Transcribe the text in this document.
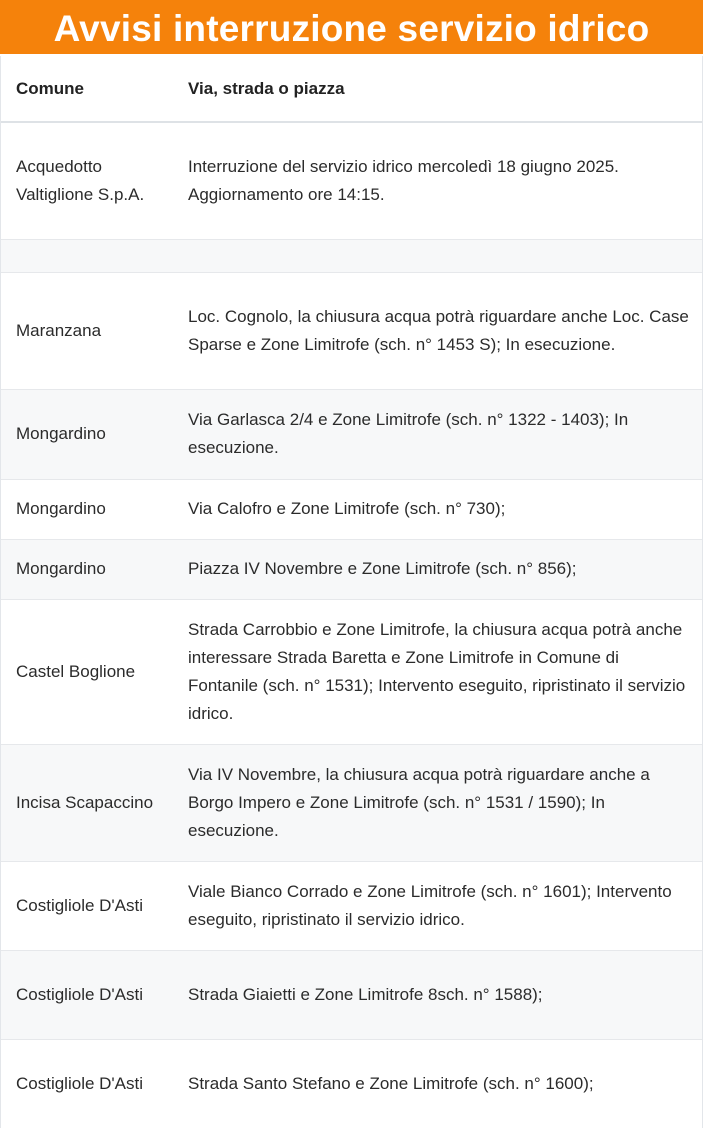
Avvisi interruzione servizio idrico
Comune	Via, strada o piazza
Acquedotto Valtiglione S.p.A.	Interruzione del servizio idrico mercoledì 18 giugno 2025. Aggiornamento ore 14:15.

Maranzana	Loc. Cognolo, la chiusura acqua potrà riguardare anche Loc. Case Sparse e Zone Limitrofe (sch. n° 1453 S); In esecuzione.
Mongardino	Via Garlasca 2/4 e Zone Limitrofe (sch. n° 1322 - 1403); In esecuzione.
Mongardino	Via Calofro e Zone Limitrofe (sch. n° 730);
Mongardino	Piazza IV Novembre e Zone Limitrofe (sch. n° 856);
Castel Boglione	Strada Carrobbio e Zone Limitrofe, la chiusura acqua potrà anche interessare Strada Baretta e Zone Limitrofe in Comune di Fontanile (sch. n° 1531); Intervento eseguito, ripristinato il servizio idrico.
Incisa Scapaccino	Via IV Novembre, la chiusura acqua potrà riguardare anche a Borgo Impero e Zone Limitrofe (sch. n° 1531 / 1590); In esecuzione.
Costigliole D'Asti	Viale Bianco Corrado e Zone Limitrofe (sch. n° 1601); Intervento eseguito, ripristinato il servizio idrico.
Costigliole D'Asti	Strada Giaietti e Zone Limitrofe 8sch. n° 1588);
Costigliole D'Asti	Strada Santo Stefano e Zone Limitrofe (sch. n° 1600);
